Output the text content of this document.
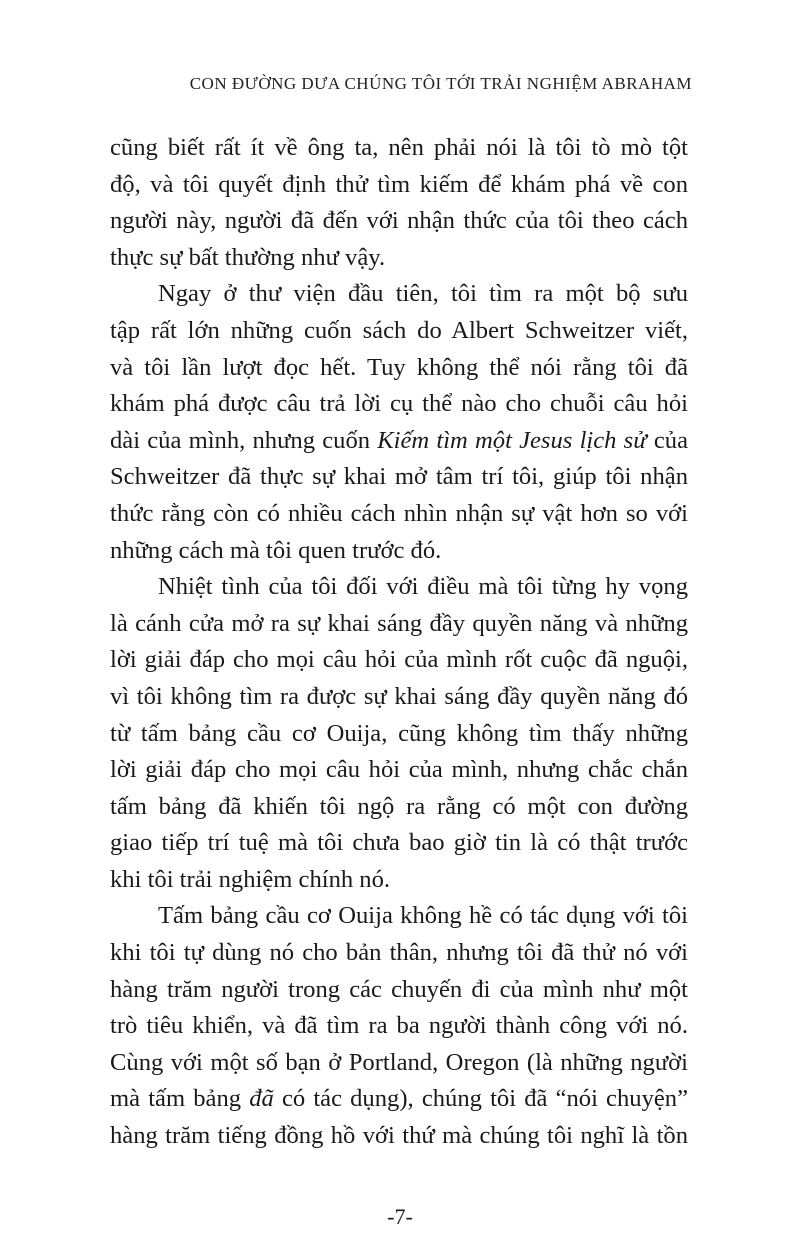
CON ĐƯỜNG DƯA CHÚNG TÔI TỚI TRẢI NGHIỆM ABRAHAM
cũng biết rất ít về ông ta, nên phải nói là tôi tò mò tột
độ, và tôi quyết định thử tìm kiếm để khám phá về con
người này, người đã đến với nhận thức của tôi theo cách
thực sự bất thường như vậy.
Ngay ở thư viện đầu tiên, tôi tìm ra một bộ sưu
tập rất lớn những cuốn sách do Albert Schweitzer viết,
và tôi lần lượt đọc hết. Tuy không thể nói rằng tôi đã
khám phá được câu trả lời cụ thể nào cho chuỗi câu hỏi
dài của mình, nhưng cuốn Kiếm tìm một Jesus lịch sử của
Schweitzer đã thực sự khai mở tâm trí tôi, giúp tôi nhận
thức rằng còn có nhiều cách nhìn nhận sự vật hơn so với
những cách mà tôi quen trước đó.
Nhiệt tình của tôi đối với điều mà tôi từng hy vọng
là cánh cửa mở ra sự khai sáng đầy quyền năng và những
lời giải đáp cho mọi câu hỏi của mình rốt cuộc đã nguội,
vì tôi không tìm ra được sự khai sáng đầy quyền năng đó
từ tấm bảng cầu cơ Ouija, cũng không tìm thấy những
lời giải đáp cho mọi câu hỏi của mình, nhưng chắc chắn
tấm bảng đã khiến tôi ngộ ra rằng có một con đường
giao tiếp trí tuệ mà tôi chưa bao giờ tin là có thật trước
khi tôi trải nghiệm chính nó.
Tấm bảng cầu cơ Ouija không hề có tác dụng với tôi
khi tôi tự dùng nó cho bản thân, nhưng tôi đã thử nó với
hàng trăm người trong các chuyến đi của mình như một
trò tiêu khiển, và đã tìm ra ba người thành công với nó.
Cùng với một số bạn ở Portland, Oregon (là những người
mà tấm bảng đã có tác dụng), chúng tôi đã “nói chuyện”
hàng trăm tiếng đồng hồ với thứ mà chúng tôi nghĩ là tồn
-7-
